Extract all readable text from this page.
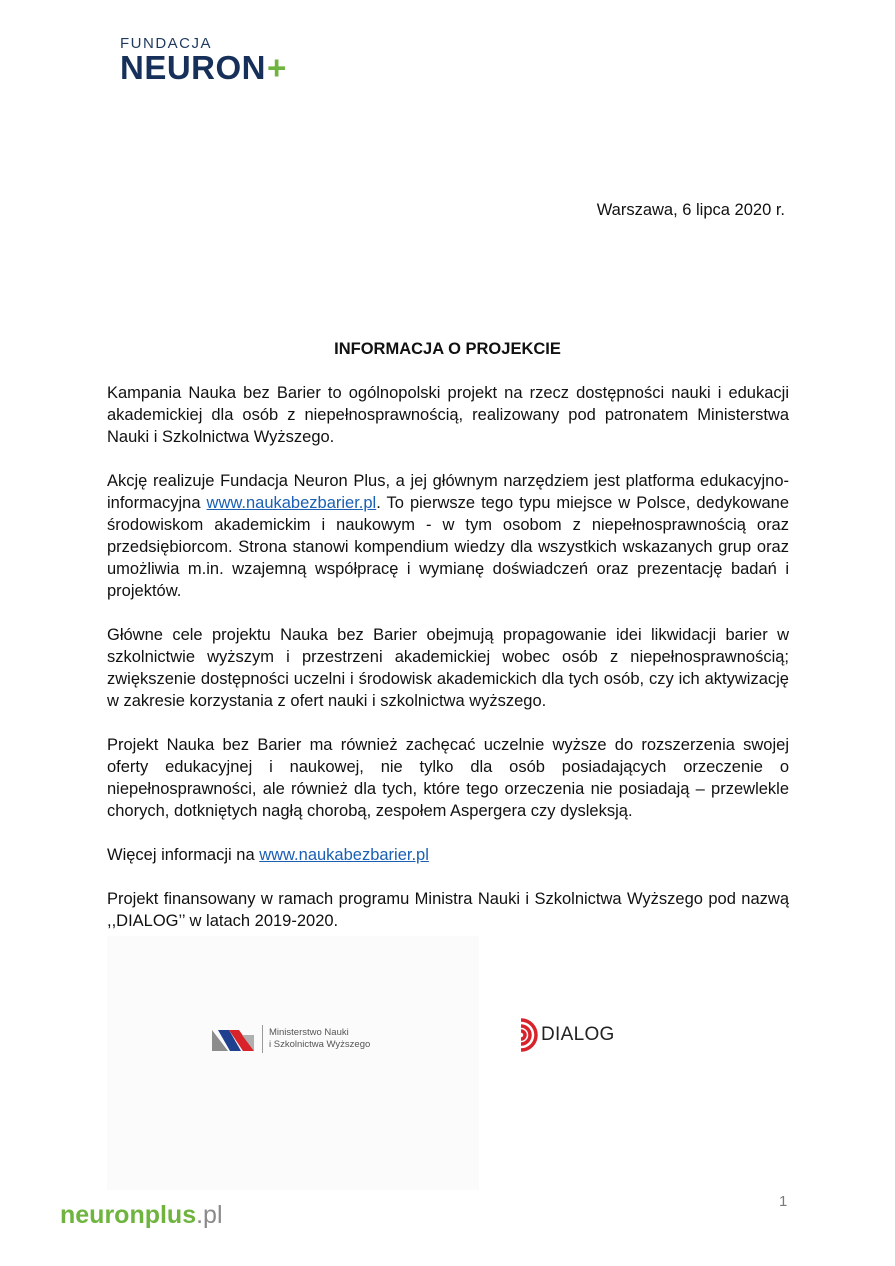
FUNDACJA
NEURON+
Warszawa, 6 lipca 2020 r.
INFORMACJA O PROJEKCIE

Kampania Nauka bez Barier to ogólnopolski projekt na rzecz dostępności nauki i edukacji akademickiej dla osób z niepełnosprawnością, realizowany pod patronatem Ministerstwa Nauki i Szkolnictwa Wyższego.

Akcję realizuje Fundacja Neuron Plus, a jej głównym narzędziem jest platforma edukacyjno-informacyjna www.naukabezbarier.pl. To pierwsze tego typu miejsce w Polsce, dedykowane środowiskom akademickim i naukowym - w tym osobom z niepełnosprawnością oraz przedsiębiorcom. Strona stanowi kompendium wiedzy dla wszystkich wskazanych grup oraz umożliwia m.in. wzajemną współpracę i wymianę doświadczeń oraz prezentację badań i projektów.

Główne cele projektu Nauka bez Barier obejmują propagowanie idei likwidacji barier w szkolnictwie wyższym i przestrzeni akademickiej wobec osób z niepełnosprawnością; zwiększenie dostępności uczelni i środowisk akademickich dla tych osób, czy ich aktywizację w zakresie korzystania z ofert nauki i szkolnictwa wyższego.

Projekt Nauka bez Barier ma również zachęcać uczelnie wyższe do rozszerzenia swojej oferty edukacyjnej i naukowej, nie tylko dla osób posiadających orzeczenie o niepełnosprawności, ale również dla tych, które tego orzeczenia nie posiadają – przewlekle chorych, dotkniętych nagłą chorobą, zespołem Aspergera czy dysleksją.

Więcej informacji na www.naukabezbarier.pl

Projekt finansowany w ramach programu Ministra Nauki i Szkolnictwa Wyższego pod nazwą ,,DIALOG’’ w latach 2019-2020.

Ministerstwo Nauki
i Szkolnictwa Wyższego	DIALOG
1
neuronplus.pl
